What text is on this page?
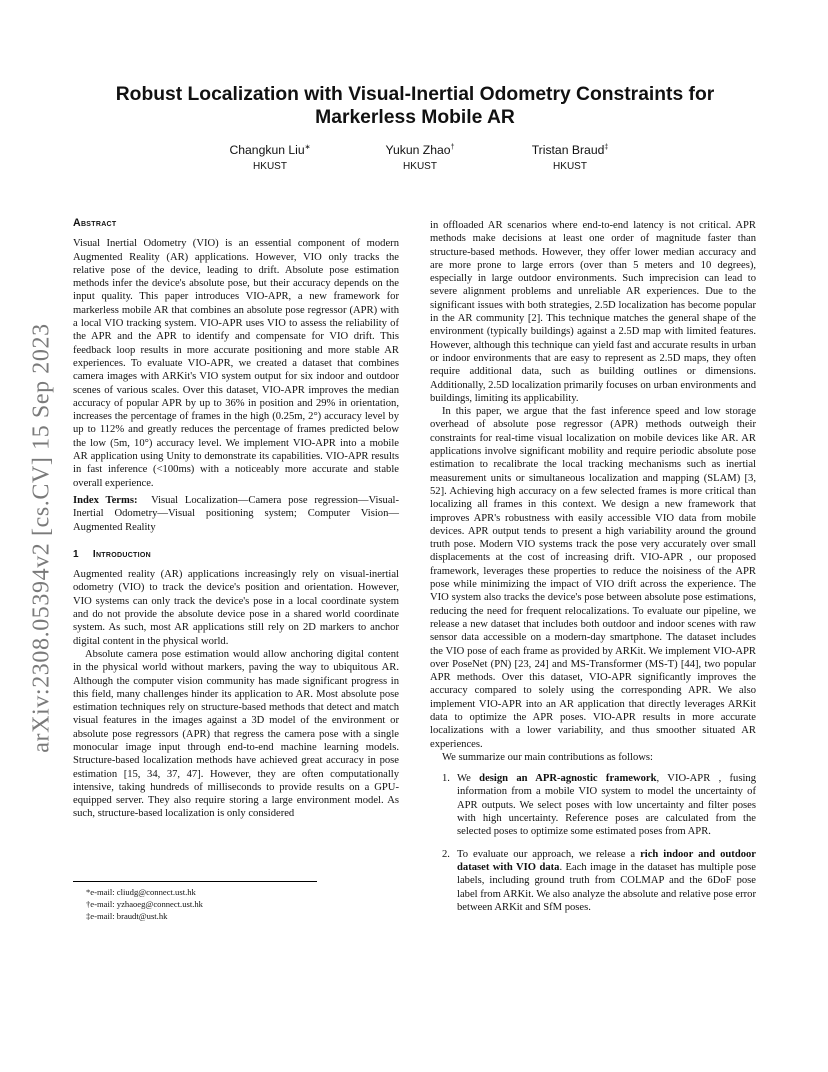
arXiv:2308.05394v2 [cs.CV] 15 Sep 2023
Robust Localization with Visual-Inertial Odometry Constraints for
Markerless Mobile AR
Changkun Liu∗
HKUST
Yukun Zhao†
HKUST
Tristan Braud‡
HKUST
Abstract

Visual Inertial Odometry (VIO) is an essential component of modern Augmented Reality (AR) applications. However, VIO only tracks the relative pose of the device, leading to drift. Absolute pose estimation methods infer the device's absolute pose, but their accuracy depends on the input quality. This paper introduces VIO-APR, a new framework for markerless mobile AR that combines an absolute pose regressor (APR) with a local VIO tracking system. VIO-APR uses VIO to assess the reliability of the APR and the APR to identify and compensate for VIO drift. This feedback loop results in more accurate positioning and more stable AR experiences. To evaluate VIO-APR, we created a dataset that combines camera images with ARKit's VIO system output for six indoor and outdoor scenes of various scales. Over this dataset, VIO-APR improves the median accuracy of popular APR by up to 36% in position and 29% in orientation, increases the percentage of frames in the high (0.25m, 2°) accuracy level by up to 112% and greatly reduces the percentage of frames predicted below the low (5m, 10°) accuracy level. We implement VIO-APR into a mobile AR application using Unity to demonstrate its capabilities. VIO-APR results in fast inference (<100ms) with a noticeably more accurate and stable overall experience.

Index Terms: Visual Localization—Camera pose regression—Visual-Inertial Odometry—Visual positioning system; Computer Vision—Augmented Reality

1 Introduction

Augmented reality (AR) applications increasingly rely on visual-inertial odometry (VIO) to track the device's position and orientation. However, VIO systems can only track the device's pose in a local coordinate system and do not provide the absolute device pose in a shared world coordinate system. As such, most AR applications still rely on 2D markers to anchor digital content in the physical world.

Absolute camera pose estimation would allow anchoring digital content in the physical world without markers, paving the way to ubiquitous AR. Although the computer vision community has made significant progress in this field, many challenges hinder its application to AR. Most absolute pose estimation techniques rely on structure-based methods that detect and match visual features in the images against a 3D model of the environment or absolute pose regressors (APR) that regress the camera pose with a single monocular image input through end-to-end machine learning models. Structure-based localization methods have achieved great accuracy in pose estimation [15, 34, 37, 47]. However, they are often computationally intensive, taking hundreds of milliseconds to provide results on a GPU-equipped server. They also require storing a large environment model. As such, structure-based localization is only considered

*e-mail: cliudg@connect.ust.hk
†e-mail: yzhaoeg@connect.ust.hk
‡e-mail: braudt@ust.hk

in offloaded AR scenarios where end-to-end latency is not critical. APR methods make decisions at least one order of magnitude faster than structure-based methods. However, they offer lower median accuracy and are more prone to large errors (over than 5 meters and 10 degrees), especially in large outdoor environments. Such imprecision can lead to severe alignment problems and unreliable AR experiences. Due to the significant issues with both strategies, 2.5D localization has become popular in the AR community [2]. This technique matches the general shape of the environment (typically buildings) against a 2.5D map with limited features. However, although this technique can yield fast and accurate results in urban or indoor environments that are easy to represent as 2.5D maps, they often require additional data, such as building outlines or dimensions. Additionally, 2.5D localization primarily focuses on urban environments and buildings, limiting its applicability.

In this paper, we argue that the fast inference speed and low storage overhead of absolute pose regressor (APR) methods outweigh their constraints for real-time visual localization on mobile devices like AR. AR applications involve significant mobility and require periodic absolute pose estimation to recalibrate the local tracking mechanisms such as inertial measurement units or simultaneous localization and mapping (SLAM) [3, 52]. Achieving high accuracy on a few selected frames is more critical than localizing all frames in this context. We design a new framework that improves APR's robustness with easily accessible VIO data from mobile devices. APR output tends to present a high variability around the ground truth pose. Modern VIO systems track the pose very accurately over small displacements at the cost of increasing drift. VIO-APR , our proposed framework, leverages these properties to reduce the noisiness of the APR pose while minimizing the impact of VIO drift across the experience. The VIO system also tracks the device's pose between absolute pose estimations, reducing the need for frequent relocalizations. To evaluate our pipeline, we release a new dataset that includes both outdoor and indoor scenes with raw sensor data accessible on a modern-day smartphone. The dataset includes the VIO pose of each frame as provided by ARKit. We implement VIO-APR over PoseNet (PN) [23, 24] and MS-Transformer (MS-T) [44], two popular APR methods. Over this dataset, VIO-APR significantly improves the accuracy compared to solely using the corresponding APR. We also implement VIO-APR into an AR application that directly leverages ARKit data to optimize the APR poses. VIO-APR results in more accurate localizations with a lower variability, and thus smoother situated AR experiences.

We summarize our main contributions as follows:

1. We design an APR-agnostic framework, VIO-APR , fusing information from a mobile VIO system to model the uncertainty of APR outputs. We select poses with low uncertainty and filter poses with high uncertainty. Reference poses are calculated from the selected poses to optimize some estimated poses from APR.
2. To evaluate our approach, we release a rich indoor and outdoor dataset with VIO data. Each image in the dataset has multiple pose labels, including ground truth from COLMAP and the 6DoF pose label from ARKit. We also analyze the absolute and relative pose error between ARKit and SfM poses.
